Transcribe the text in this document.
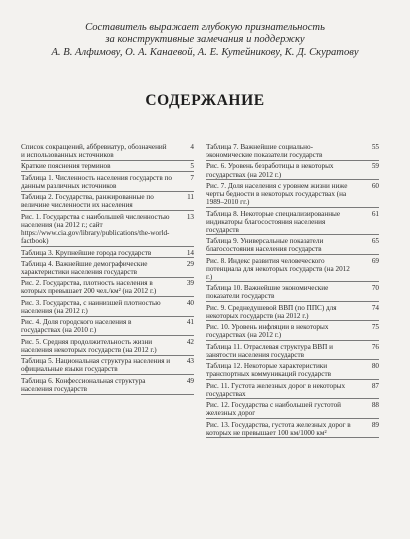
Составитель выражает глубокую признательность
за конструктивные замечания и поддержку
А. В. Алфимову, О. А. Канаевой, А. Е. Кутейникову, К. Д. Скуратову
СОДЕРЖАНИЕ
Список сокращений, аббревиатур, обозначений и использованных источников
4
Краткие пояснения терминов	5
Таблица 1. Численность населения государств по данным различных источников
7
Таблица 2. Государства, ранжированные по величине численности их населения
11
Рис. 1. Государства с наибольшей численностью населения (на 2012 г.; сайт https://www.cia.gov/library/publications/the-world-factbook)
13
Таблица 3. Крупнейшие города государств	14
Таблица 4. Важнейшие демографические характеристики населения государств
29
Рис. 2. Государства, плотность населения в которых превышает 200 чел./км² (на 2012 г.)
39
Рис. 3. Государства, с наинизшей плотностью населения (на 2012 г.)
40
Рис. 4. Доля городского населения в государствах (на 2010 г.)
41
Рис. 5. Средняя продолжительность жизни населения некоторых государств (на 2012 г.)
42
Таблица 5. Национальная структура населения и официальные языки государств
43
Таблица 6. Конфессиональная структура населения государств
49
Таблица 7. Важнейшие социально-экономические показатели государств
55
Рис. 6. Уровень безработицы в некоторых государствах (на 2012 г.)
59
Рис. 7. Доля населения с уровнем жизни ниже черты бедности в некоторых государствах (на 1989–2010 гг.)
60
Таблица 8. Некоторые специализированные индикаторы благосостояния населения государств
61
Таблица 9. Универсальные показатели благосостояния населения государств
65
Рис. 8. Индекс развития человеческого потенциала для некоторых государств (на 2012 г.)
69
Таблица 10. Важнейшие экономические показатели государств
70
Рис. 9. Среднедушевой ВВП (по ППС) для некоторых государств (на 2012 г.)
74
Рис. 10. Уровень инфляции в некоторых государствах (на 2012 г.)
75
Таблица 11. Отраслевая структура ВВП и занятости населения государств
76
Таблица 12. Некоторые характеристики транспортных коммуникаций государств
80
Рис. 11. Густота железных дорог в некоторых государствах
87
Рис. 12. Государства с наибольшей густотой железных дорог
88
Рис. 13. Государства, густота железных дорог в которых не превышает 100 км/1000 км²
89
